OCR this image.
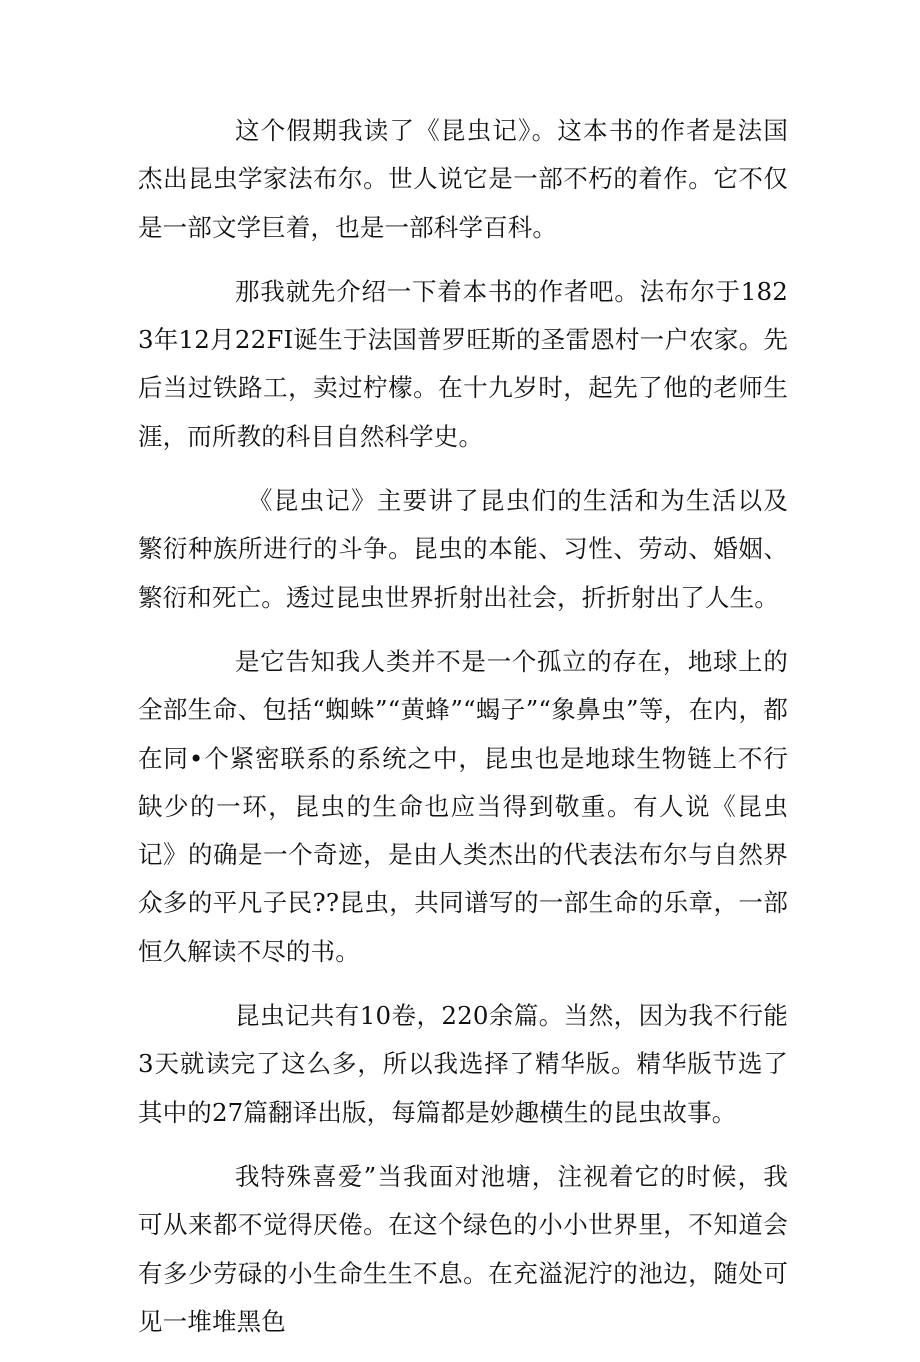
这个假期我读了《昆虫记》。这本书的作者是法国杰出昆虫学家法布尔。世人说它是一部不朽的着作。它不仅是一部文学巨着，也是一部科学百科。

那我就先介绍一下着本书的作者吧。法布尔于1823年12月22FI诞生于法国普罗旺斯的圣雷恩村一户农家。先后当过铁路工，卖过柠檬。在十九岁时，起先了他的老师生涯，而所教的科目自然科学史。

《昆虫记》主要讲了昆虫们的生活和为生活以及繁衍种族所进行的斗争。昆虫的本能、习性、劳动、婚姻、繁衍和死亡。透过昆虫世界折射出社会，折折射出了人生。

是它告知我人类并不是一个孤立的存在，地球上的全部生命、包括“蜘蛛”“黄蜂”“蝎子”“象鼻虫”等，在内，都在同•个紧密联系的系统之中，昆虫也是地球生物链上不行缺少的一环，昆虫的生命也应当得到敬重。有人说《昆虫记》的确是一个奇迹，是由人类杰出的代表法布尔与自然界众多的平凡子民??昆虫，共同谱写的一部生命的乐章，一部恒久解读不尽的书。

昆虫记共有10卷，220余篇。当然，因为我不行能3天就读完了这么多，所以我选择了精华版。精华版节选了其中的27篇翻译出版，每篇都是妙趣横生的昆虫故事。

我特殊喜爱”当我面对池塘，注视着它的时候，我可从来都不觉得厌倦。在这个绿色的小小世界里，不知道会有多少劳碌的小生命生生不息。在充溢泥泞的池边，随处可见一堆堆黑色
